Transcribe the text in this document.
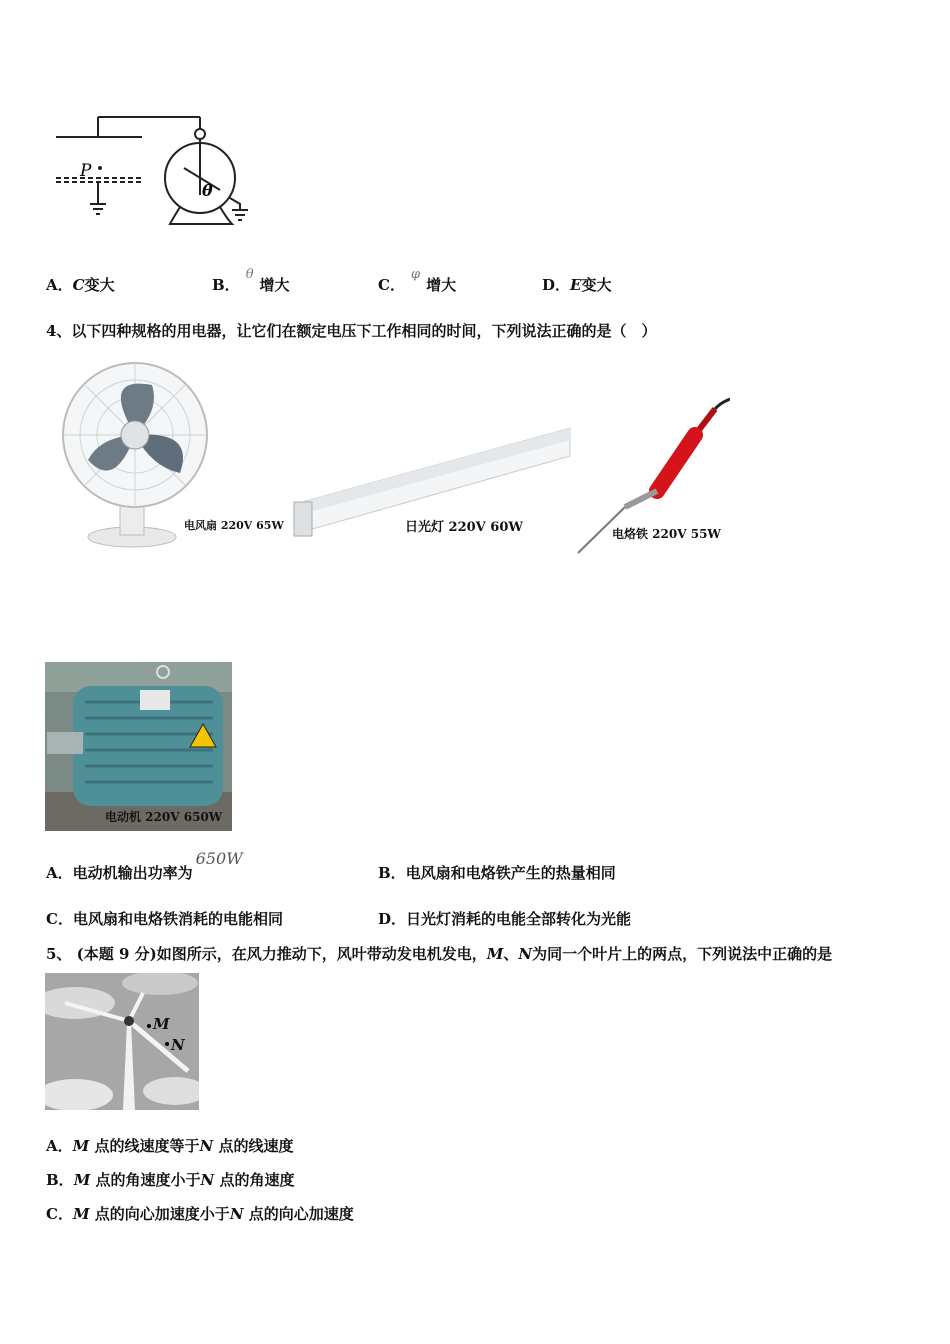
P
θ
A．C变大	B．θ增大	C．φ增大	D．E变大
4、以下四种规格的用电器，让它们在额定电压下工作相同的时间，下列说法正确的是（　）
电风扇 220V 65W	日光灯 220V 60W	电烙铁 220V 55W
电动机 220V 650W
A．电动机输出功率为650W
B．电风扇和电烙铁产生的热量相同
C．电风扇和电烙铁消耗的电能相同	D．日光灯消耗的电能全部转化为光能
5、 (本题 9 分)如图所示，在风力推动下，风叶带动发电机发电，M、N为同一个叶片上的两点，下列说法中正确的是
M
N
A．M 点的线速度等于N 点的线速度
B．M 点的角速度小于N 点的角速度
C．M 点的向心加速度小于N 点的向心加速度
